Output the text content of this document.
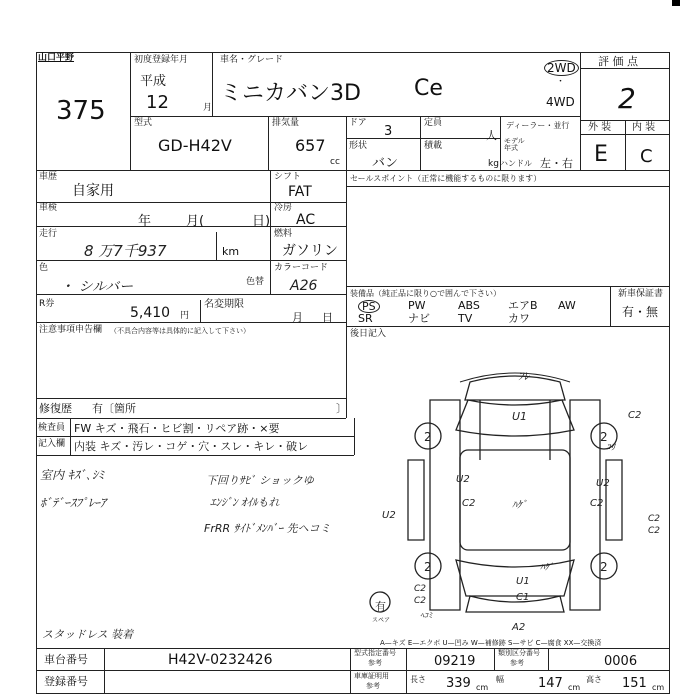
山口平野
375
初度登録年月
平成
12	月
車名・グレード
ミニカバン3D Ce
2WD
・
4WD
評 価 点
2
型式
GD-H42V
排気量
657
cc
ドア
3
定員
人
形状
バン
積載
kg
ディーラー・並行
モデル年式
ハンドル 左・右
外 装 内 装
E C
車歴
自家用
シフト
FAT
車検
年	月(	日)
冷房
AC
走行
8 万7千937	km
燃料
ガソリン
色
・ シルバー	色替
カラーコード
A26
R券
5,410 円
名変期限
月 日
注意事項申告欄 （不具合内容等は具体的に記入して下さい）
修復歴 有〔箇所	〕
セールスポイント（正常に機能するものに限ります）
装備品（純正品に限り○で囲んで下さい）	新車保証書
有・無
後日記入
PS	PW	ABS	エアB AW
SR	ナビ	TV	カワ
検査員
記入欄
FW キズ・飛石・ヒビ割・リペア跡・×要
内装 キズ・汚レ・コゲ・穴・スレ・キレ・破レ
室内 ｷｽﾞ､ｼﾐ
ﾎﾞﾃﾞｰｽﾌﾟﾚｰｱ
下回りｻﾋﾞ ショックゆ
ｴﾝｼﾞﾝ ｵｲﾙもれ
FrRR ｻｲﾄﾞﾒﾝﾊﾞｰ 先ヘコミ
スタッドレス 装着
ﾌﾚ
U1	C2
C2
U2
C2
U2
ﾊｹﾞ
U2
U1
C1
A2
C2
C2
ﾊｹﾞ
C2
C2
ｺﾘ
ﾍｺﾐ
2	2
2	2
有
スペア
A—キズ E—エクボ U—凹み W—補修跡 S—サビ C—腐食 XX—交換済
車台番号	H42V-0232426
登録番号
型式指定番号
参考	09219
類別区分番号
参考	0006
車庫証明用
参考
長さ 339 cm
幅	147 cm
高さ 151 cm
